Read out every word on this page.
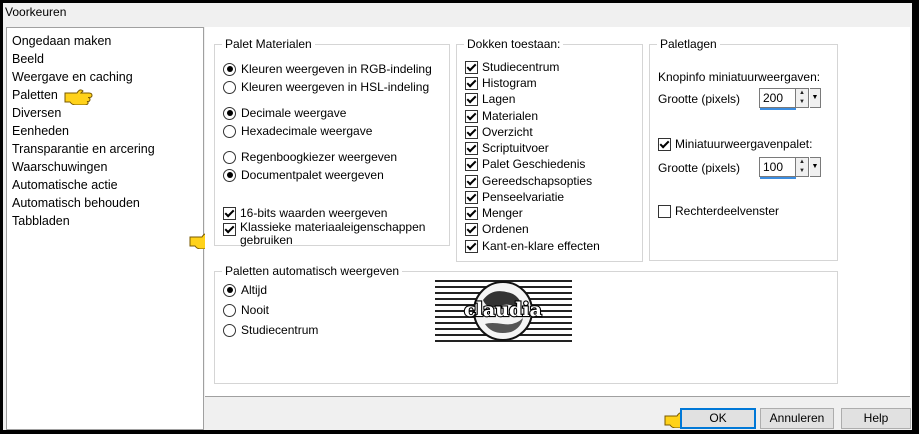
Voorkeuren
Ongedaan maken
Beeld
Weergave en caching
Paletten
Diversen
Eenheden
Transparantie en arcering
Waarschuwingen
Automatische actie
Automatisch behouden
Tabbladen
Palet Materialen
Kleuren weergeven in RGB-indeling
Kleuren weergeven in HSL-indeling
Decimale weergave
Hexadecimale weergave
Regenboogkiezer weergeven
Documentpalet weergeven
16-bits waarden weergeven
Klassieke materiaaleigenschappen
gebruiken
Dokken toestaan:
Studiecentrum
Histogram
Lagen
Materialen
Overzicht
Scriptuitvoer
Palet Geschiedenis
Gereedschapsopties
Penseelvariatie
Menger
Ordenen
Kant-en-klare effecten
Paletlagen
Knopinfo miniatuurweergaven:
Grootte (pixels)	200	▲
▼
▼
Miniatuurweergavenpalet:
Grootte (pixels)	100	▲
▼
▼
Rechterdeelvenster
Paletten automatisch weergeven
Altijd
Nooit
Studiecentrum
claudia
OK	Annuleren	Help
